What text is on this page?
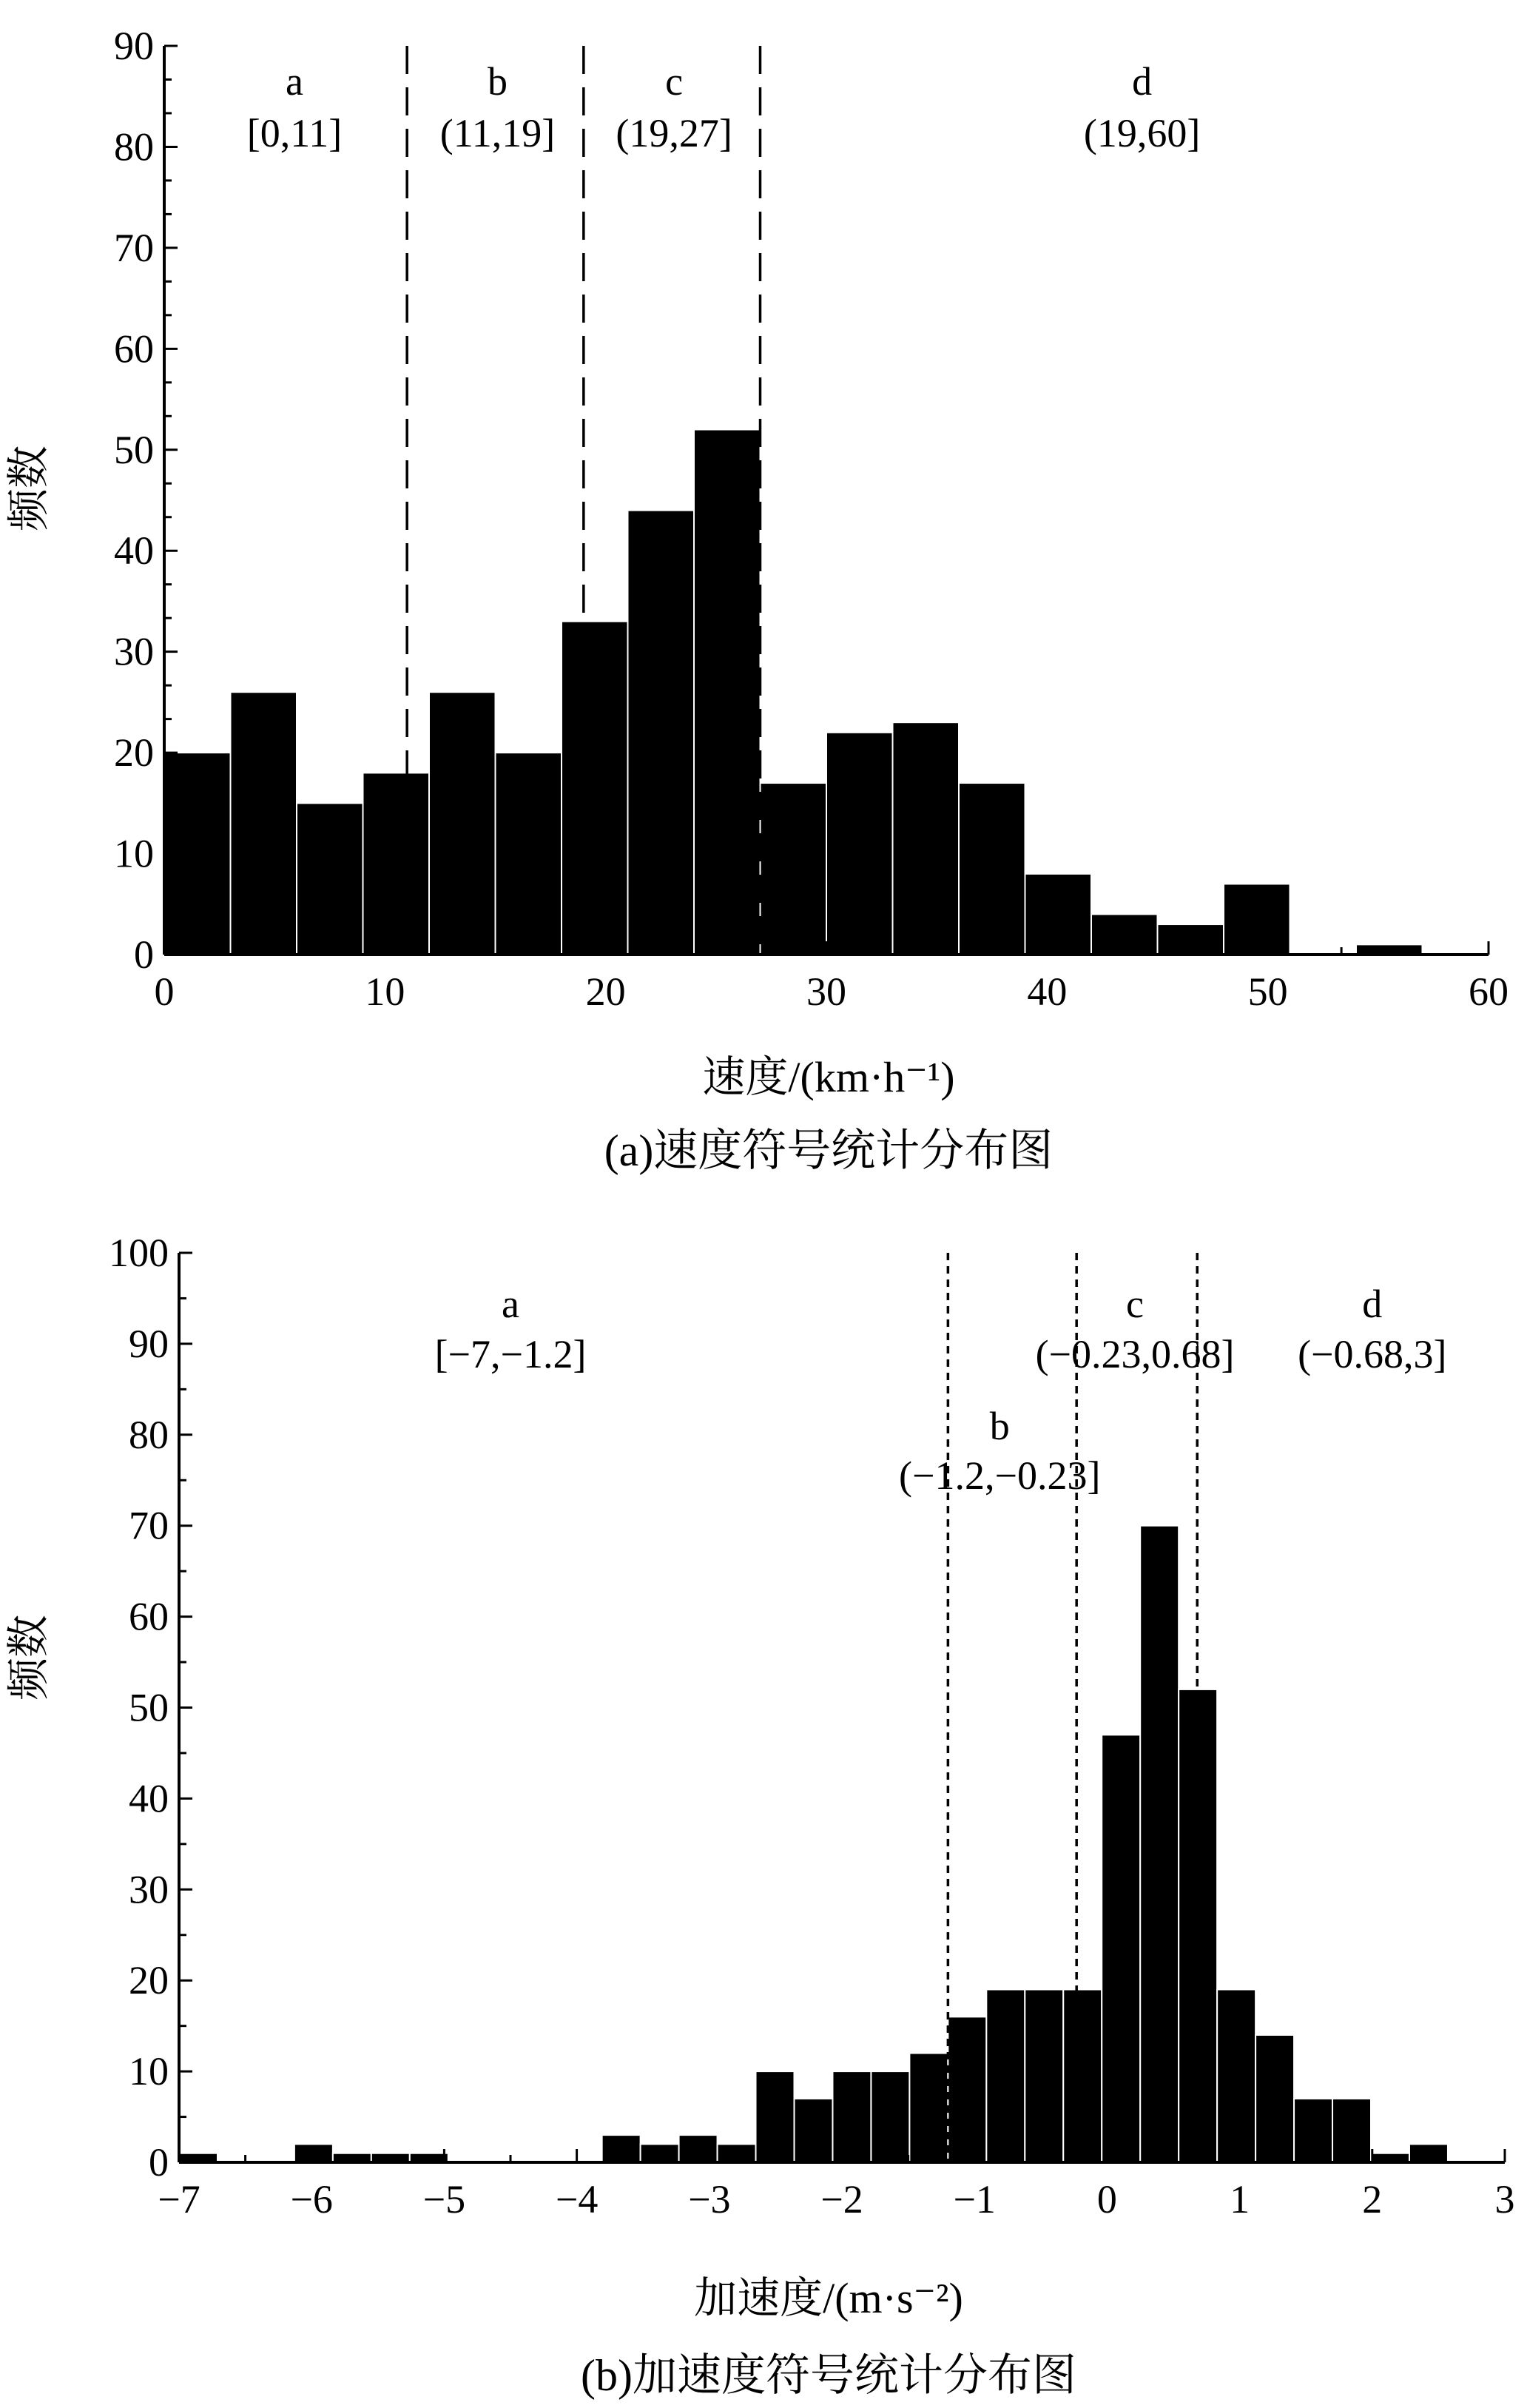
频数
速度/(km·h⁻¹)
(a)速度符号统计分布图
0
10
20
30
40
50
60
70
80
90
0	10	20	30	40	50	60
a
[0,11]
b
(11,19]
c
(19,27]
d
(19,60]
频数
加速度/(m·s⁻²)
(b)加速度符号统计分布图
0
10
20
30
40
50
60
70
80
90
100
−7 −6 −5 −4 −3 −2 −1	0	1	2	3
a
[−7,−1.2]
b
(−1.2,−0.23]
c
(−0.23,0.68]
d
(−0.68,3]
